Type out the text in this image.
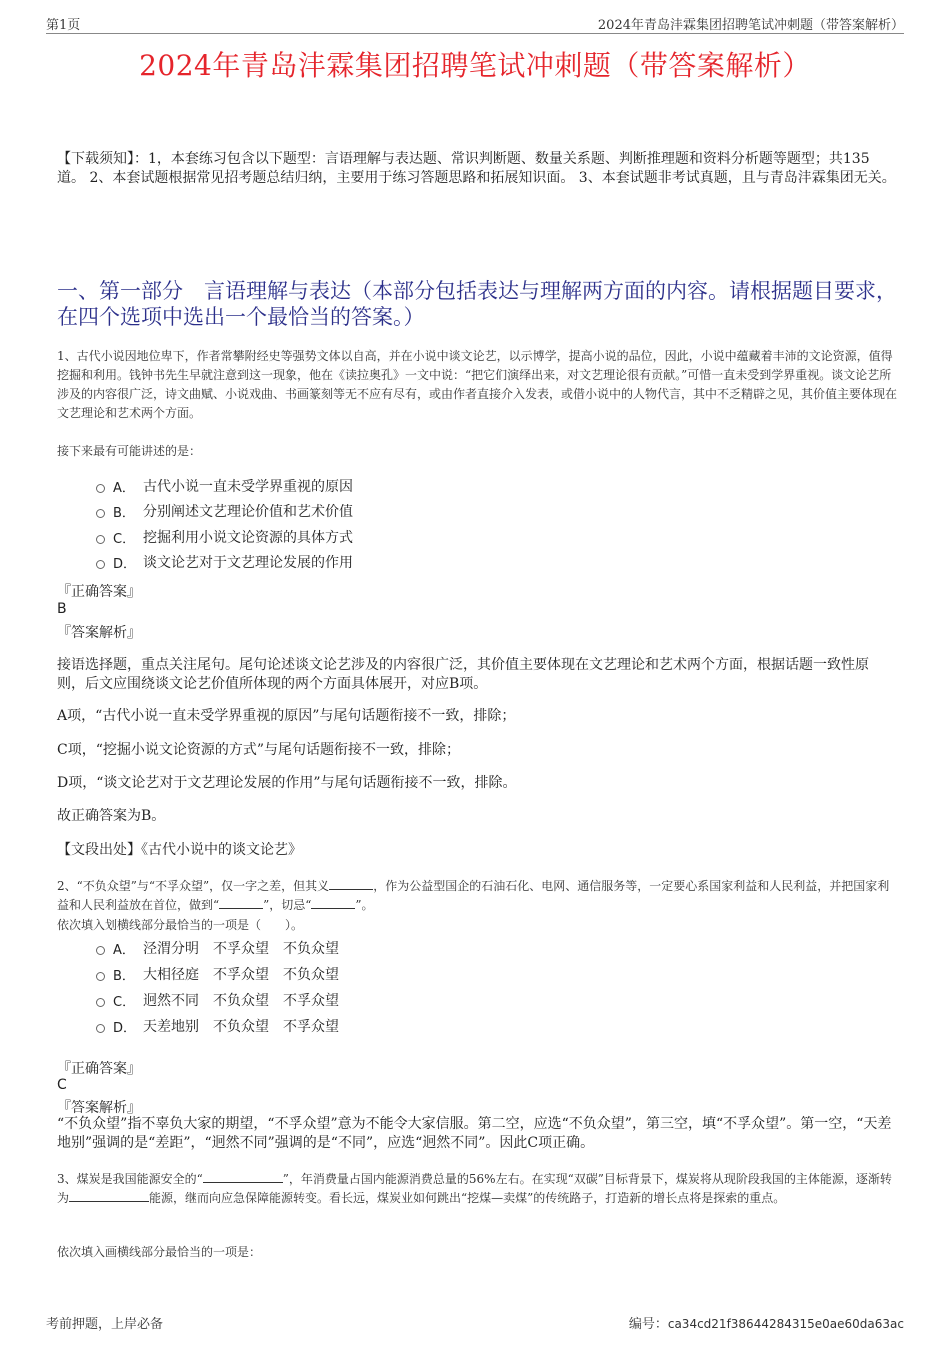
第1页	2024年青岛沣霖集团招聘笔试冲刺题（带答案解析）
2024年青岛沣霖集团招聘笔试冲刺题（带答案解析）
【下载须知】：1，本套练习包含以下题型：言语理解与表达题、常识判断题、数量关系题、判断推理题和资料分析题等题型；共135道。 2、本套试题根据常见招考题总结归纳，主要用于练习答题思路和拓展知识面。 3、本套试题非考试真题，且与青岛沣霖集团无关。
一、第一部分　言语理解与表达（本部分包括表达与理解两方面的内容。请根据题目要求，在四个选项中选出一个最恰当的答案。）
1、古代小说因地位卑下，作者常攀附经史等强势文体以自高，并在小说中谈文论艺，以示博学，提高小说的品位，因此，小说中蕴藏着丰沛的文论资源，值得挖掘和利用。钱钟书先生早就注意到这一现象，他在《读拉奥孔》一文中说：“把它们演绎出来，对文艺理论很有贡献。”可惜一直未受到学界重视。谈文论艺所涉及的内容很广泛，诗文曲赋、小说戏曲、书画篆刻等无不应有尽有，或由作者直接介入发表，或借小说中的人物代言，其中不乏精辟之见，其价值主要体现在文艺理论和艺术两个方面。
接下来最有可能讲述的是：
A． 古代小说一直未受学界重视的原因
B． 分别阐述文艺理论价值和艺术价值
C． 挖掘利用小说文论资源的具体方式
D． 谈文论艺对于文艺理论发展的作用
『正确答案』
B
『答案解析』
接语选择题，重点关注尾句。尾句论述谈文论艺涉及的内容很广泛，其价值主要体现在文艺理论和艺术两个方面，根据话题一致性原则，后文应围绕谈文论艺价值所体现的两个方面具体展开，对应B项。
A项，“古代小说一直未受学界重视的原因”与尾句话题衔接不一致，排除；
C项，“挖掘小说文论资源的方式”与尾句话题衔接不一致，排除；
D项，“谈文论艺对于文艺理论发展的作用”与尾句话题衔接不一致，排除。
故正确答案为B。
【文段出处】《古代小说中的谈文论艺》
2、“不负众望”与“不孚众望”，仅一字之差，但其义	，作为公益型国企的石油石化、电网、通信服务等，一定要心系国家利益和人民利益，并把国家利益和人民利益放在首位，做到“	”，切忌“	”。
依次填入划横线部分最恰当的一项是（　　）。
A． 泾渭分明　不孚众望　不负众望
B． 大相径庭　不孚众望　不负众望
C． 迥然不同　不负众望　不孚众望
D． 天差地别　不负众望　不孚众望
『正确答案』
C
『答案解析』
“不负众望”指不辜负大家的期望，“不孚众望”意为不能令大家信服。第二空，应选“不负众望”，第三空，填“不孚众望”。第一空，“天差地别”强调的是“差距”，“迥然不同”强调的是“不同”，应选“迥然不同”。因此C项正确。
3、煤炭是我国能源安全的“	”，年消费量占国内能源消费总量的56%左右。在实现“双碳”目标背景下，煤炭将从现阶段我国的主体能源，逐渐转为	能源，继而向应急保障能源转变。看长远，煤炭业如何跳出“挖煤—卖煤”的传统路子，打造新的增长点将是探索的重点。
依次填入画横线部分最恰当的一项是：
考前押题，上岸必备	编号：ca34cd21f38644284315e0ae60da63ac
